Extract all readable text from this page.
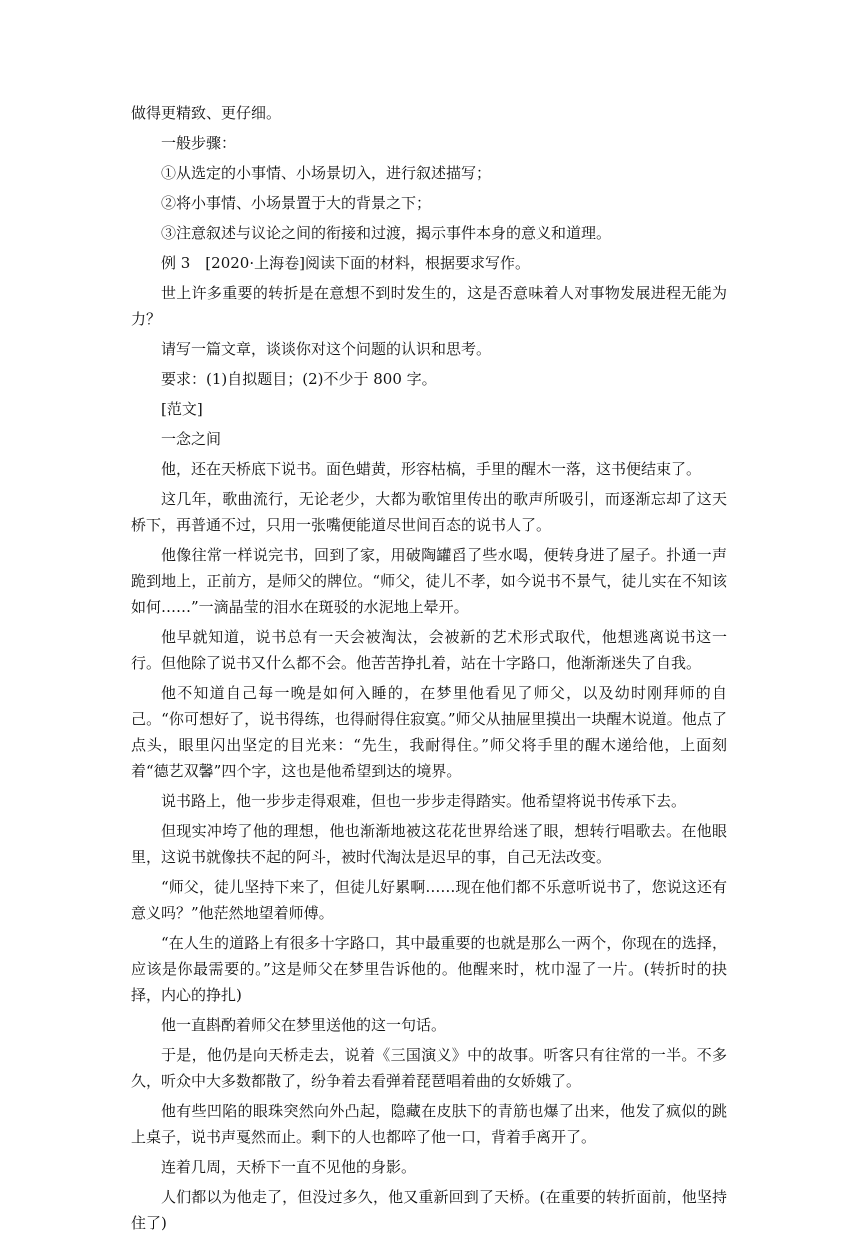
做得更精致、更仔细。

一般步骤：

①从选定的小事情、小场景切入，进行叙述描写；

②将小事情、小场景置于大的背景之下；

③注意叙述与议论之间的衔接和过渡，揭示事件本身的意义和道理。

例 3　[2020·上海卷]阅读下面的材料，根据要求写作。

世上许多重要的转折是在意想不到时发生的，这是否意味着人对事物发展进程无能为力？

请写一篇文章，谈谈你对这个问题的认识和思考。

要求：(1)自拟题目；(2)不少于 800 字。

[范文]

一念之间

他，还在天桥底下说书。面色蜡黄，形容枯槁，手里的醒木一落，这书便结束了。

这几年，歌曲流行，无论老少，大都为歌馆里传出的歌声所吸引，而逐渐忘却了这天桥下，再普通不过，只用一张嘴便能道尽世间百态的说书人了。

他像往常一样说完书，回到了家，用破陶罐舀了些水喝，便转身进了屋子。扑通一声跪到地上，正前方，是师父的牌位。“师父，徒儿不孝，如今说书不景气，徒儿实在不知该如何……”一滴晶莹的泪水在斑驳的水泥地上晕开。

他早就知道，说书总有一天会被淘汰，会被新的艺术形式取代，他想逃离说书这一行。但他除了说书又什么都不会。他苦苦挣扎着，站在十字路口，他渐渐迷失了自我。

他不知道自己每一晚是如何入睡的，在梦里他看见了师父，以及幼时刚拜师的自己。“你可想好了，说书得练，也得耐得住寂寞。”师父从抽屉里摸出一块醒木说道。他点了点头，眼里闪出坚定的目光来：“先生，我耐得住。”师父将手里的醒木递给他，上面刻着“德艺双馨”四个字，这也是他希望到达的境界。

说书路上，他一步步走得艰难，但也一步步走得踏实。他希望将说书传承下去。

但现实冲垮了他的理想，他也渐渐地被这花花世界给迷了眼，想转行唱歌去。在他眼里，这说书就像扶不起的阿斗，被时代淘汰是迟早的事，自己无法改变。

“师父，徒儿坚持下来了，但徒儿好累啊……现在他们都不乐意听说书了，您说这还有意义吗？”他茫然地望着师傅。

“在人生的道路上有很多十字路口，其中最重要的也就是那么一两个，你现在的选择，应该是你最需要的。”这是师父在梦里告诉他的。他醒来时，枕巾湿了一片。(转折时的抉择，内心的挣扎)

他一直斟酌着师父在梦里送他的这一句话。

于是，他仍是向天桥走去，说着《三国演义》中的故事。听客只有往常的一半。不多久，听众中大多数都散了，纷争着去看弹着琵琶唱着曲的女娇娥了。

他有些凹陷的眼珠突然向外凸起，隐藏在皮肤下的青筋也爆了出来，他发了疯似的跳上桌子，说书声戛然而止。剩下的人也都啐了他一口，背着手离开了。

连着几周，天桥下一直不见他的身影。

人们都以为他走了，但没过多久，他又重新回到了天桥。(在重要的转折面前，他坚持住了)
